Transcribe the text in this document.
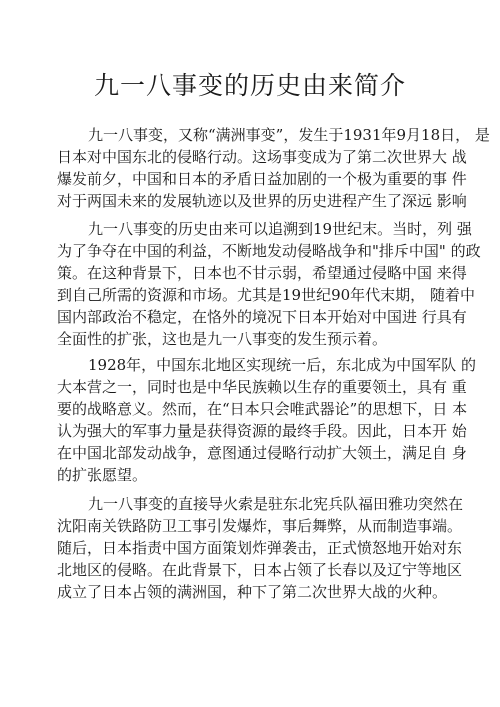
九一八事变的历史由来简介
九一八事变，又称“满洲事变”，发生于1931年9月18日， 是
日本对中国东北的侵略行动。这场事变成为了第二次世界大 战
爆发前夕，中国和日本的矛盾日益加剧的一个极为重要的事 件
对于两国未来的发展轨迹以及世界的历史进程产生了深远 影响
九一八事变的历史由来可以追溯到19世纪末。当时，列 强
为了争夺在中国的利益，不断地发动侵略战争和"排斥中国" 的政
策。在这种背景下，日本也不甘示弱，希望通过侵略中国 来得
到自己所需的资源和市场。尤其是19世纪90年代末期， 随着中
国内部政治不稳定，在恪外的境况下日本开始对中国进 行具有
全面性的扩张，这也是九一八事变的发生预示着。
1928年，中国东北地区实现统一后，东北成为中国军队 的
大本营之一，同时也是中华民族赖以生存的重要领土，具有 重
要的战略意义。然而，在“日本只会唯武器论”的思想下，日 本
认为强大的军事力量是获得资源的最终手段。因此，日本开 始
在中国北部发动战争，意图通过侵略行动扩大领土，满足自 身
的扩张愿望。
九一八事变的直接导火索是驻东北宪兵队福田雅功突然在
沈阳南关铁路防卫工事引发爆炸，事后舞弊，从而制造事端。
随后，日本指责中国方面策划炸弹袭击，正式愤怒地开始对东
北地区的侵略。在此背景下，日本占领了长春以及辽宁等地区
成立了日本占领的满洲国，种下了第二次世界大战的火种。
